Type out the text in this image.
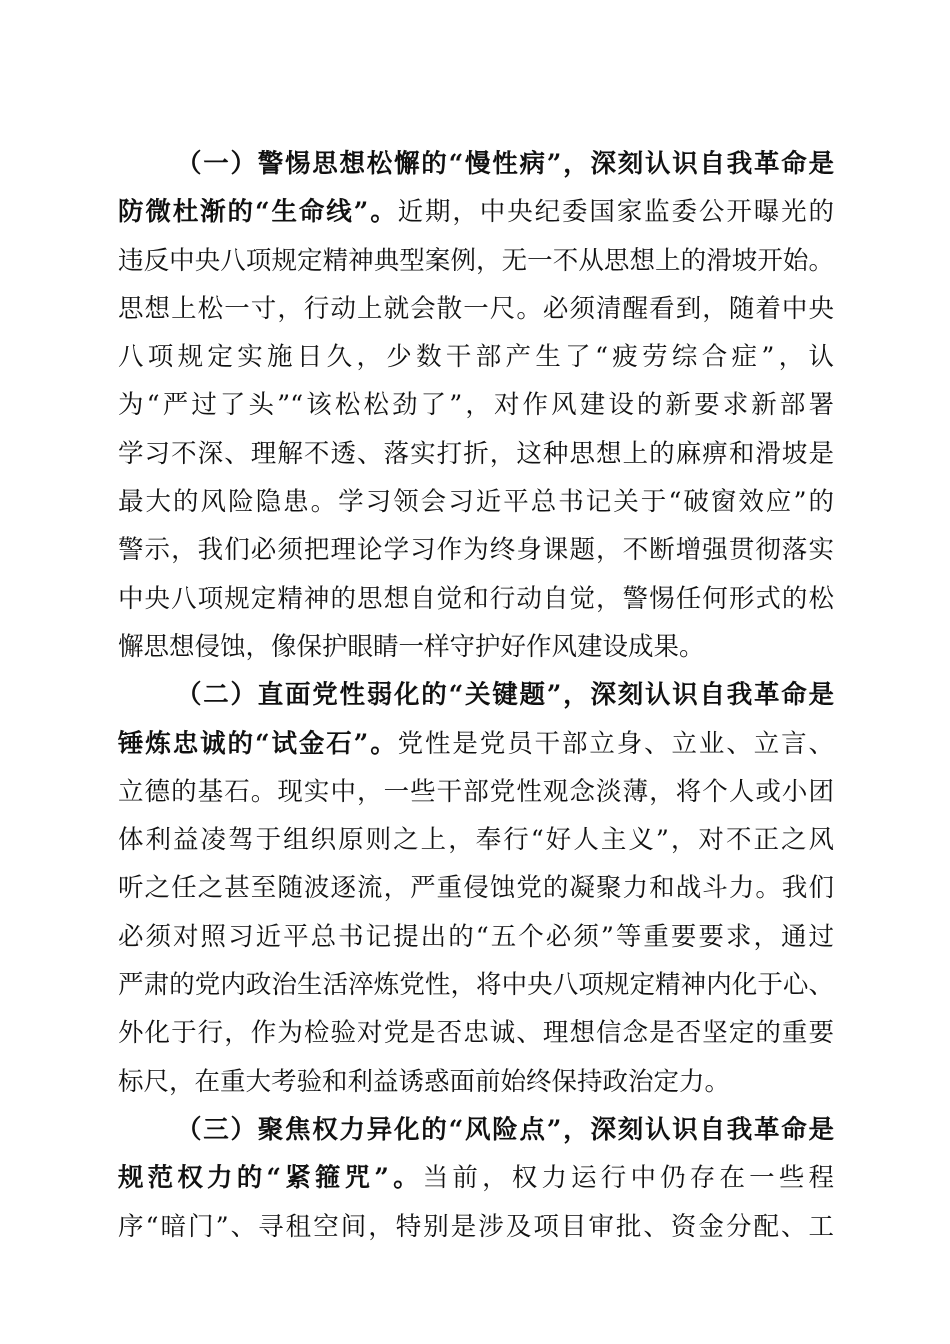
（一）警惕思想松懈的“慢性病”，深刻认识自我革命是
防微杜渐的“生命线”。近期，中央纪委国家监委公开曝光的
违反中央八项规定精神典型案例，无一不从思想上的滑坡开始。
思想上松一寸，行动上就会散一尺。必须清醒看到，随着中央
八项规定实施日久，少数干部产生了“疲劳综合症”，认
为“严过了头”“该松松劲了”，对作风建设的新要求新部署
学习不深、理解不透、落实打折，这种思想上的麻痹和滑坡是
最大的风险隐患。学习领会习近平总书记关于“破窗效应”的
警示，我们必须把理论学习作为终身课题，不断增强贯彻落实
中央八项规定精神的思想自觉和行动自觉，警惕任何形式的松
懈思想侵蚀，像保护眼睛一样守护好作风建设成果。
（二）直面党性弱化的“关键题”，深刻认识自我革命是
锤炼忠诚的“试金石”。党性是党员干部立身、立业、立言、
立德的基石。现实中，一些干部党性观念淡薄，将个人或小团
体利益凌驾于组织原则之上，奉行“好人主义”，对不正之风
听之任之甚至随波逐流，严重侵蚀党的凝聚力和战斗力。我们
必须对照习近平总书记提出的“五个必须”等重要要求，通过
严肃的党内政治生活淬炼党性，将中央八项规定精神内化于心、
外化于行，作为检验对党是否忠诚、理想信念是否坚定的重要
标尺，在重大考验和利益诱惑面前始终保持政治定力。
（三）聚焦权力异化的“风险点”，深刻认识自我革命是
规范权力的“紧箍咒”。当前，权力运行中仍存在一些程
序“暗门”、寻租空间，特别是涉及项目审批、资金分配、工
